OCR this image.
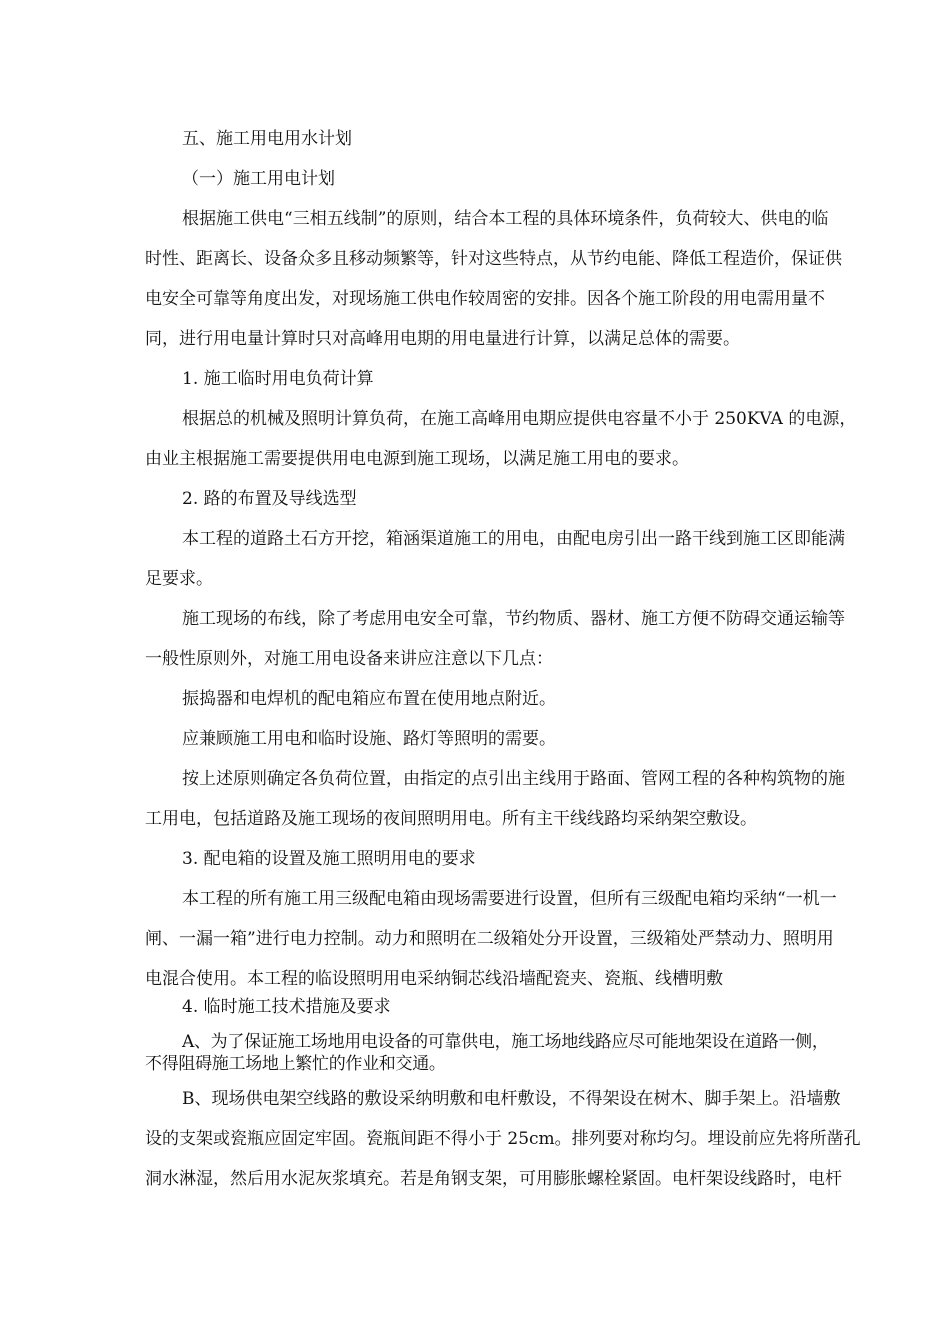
五、施工用电用水计划
（一）施工用电计划
根据施工供电“三相五线制”的原则，结合本工程的具体环境条件，负荷较大、供电的临
时性、距离长、设备众多且移动频繁等，针对这些特点，从节约电能、降低工程造价，保证供
电安全可靠等角度出发，对现场施工供电作较周密的安排。因各个施工阶段的用电需用量不
同，进行用电量计算时只对高峰用电期的用电量进行计算，以满足总体的需要。
1. 施工临时用电负荷计算
根据总的机械及照明计算负荷，在施工高峰用电期应提供电容量不小于 250KVA 的电源，
由业主根据施工需要提供用电电源到施工现场，以满足施工用电的要求。
2. 路的布置及导线选型
本工程的道路土石方开挖，箱涵渠道施工的用电，由配电房引出一路干线到施工区即能满
足要求。
施工现场的布线，除了考虑用电安全可靠，节约物质、器材、施工方便不防碍交通运输等
一般性原则外，对施工用电设备来讲应注意以下几点：
振捣器和电焊机的配电箱应布置在使用地点附近。
应兼顾施工用电和临时设施、路灯等照明的需要。
按上述原则确定各负荷位置，由指定的点引出主线用于路面、管网工程的各种构筑物的施
工用电，包括道路及施工现场的夜间照明用电。所有主干线线路均采纳架空敷设。
3. 配电箱的设置及施工照明用电的要求
本工程的所有施工用三级配电箱由现场需要进行设置，但所有三级配电箱均采纳“一机一
闸、一漏一箱”进行电力控制。动力和照明在二级箱处分开设置，三级箱处严禁动力、照明用
电混合使用。本工程的临设照明用电采纳铜芯线沿墙配瓷夹、瓷瓶、线槽明敷
4. 临时施工技术措施及要求
A、为了保证施工场地用电设备的可靠供电，施工场地线路应尽可能地架设在道路一侧，
不得阻碍施工场地上繁忙的作业和交通。
B、现场供电架空线路的敷设采纳明敷和电杆敷设，不得架设在树木、脚手架上。沿墙敷
设的支架或瓷瓶应固定牢固。瓷瓶间距不得小于 25cm。排列要对称均匀。埋设前应先将所凿孔
洞水淋湿，然后用水泥灰浆填充。若是角钢支架，可用膨胀螺栓紧固。电杆架设线路时，电杆
